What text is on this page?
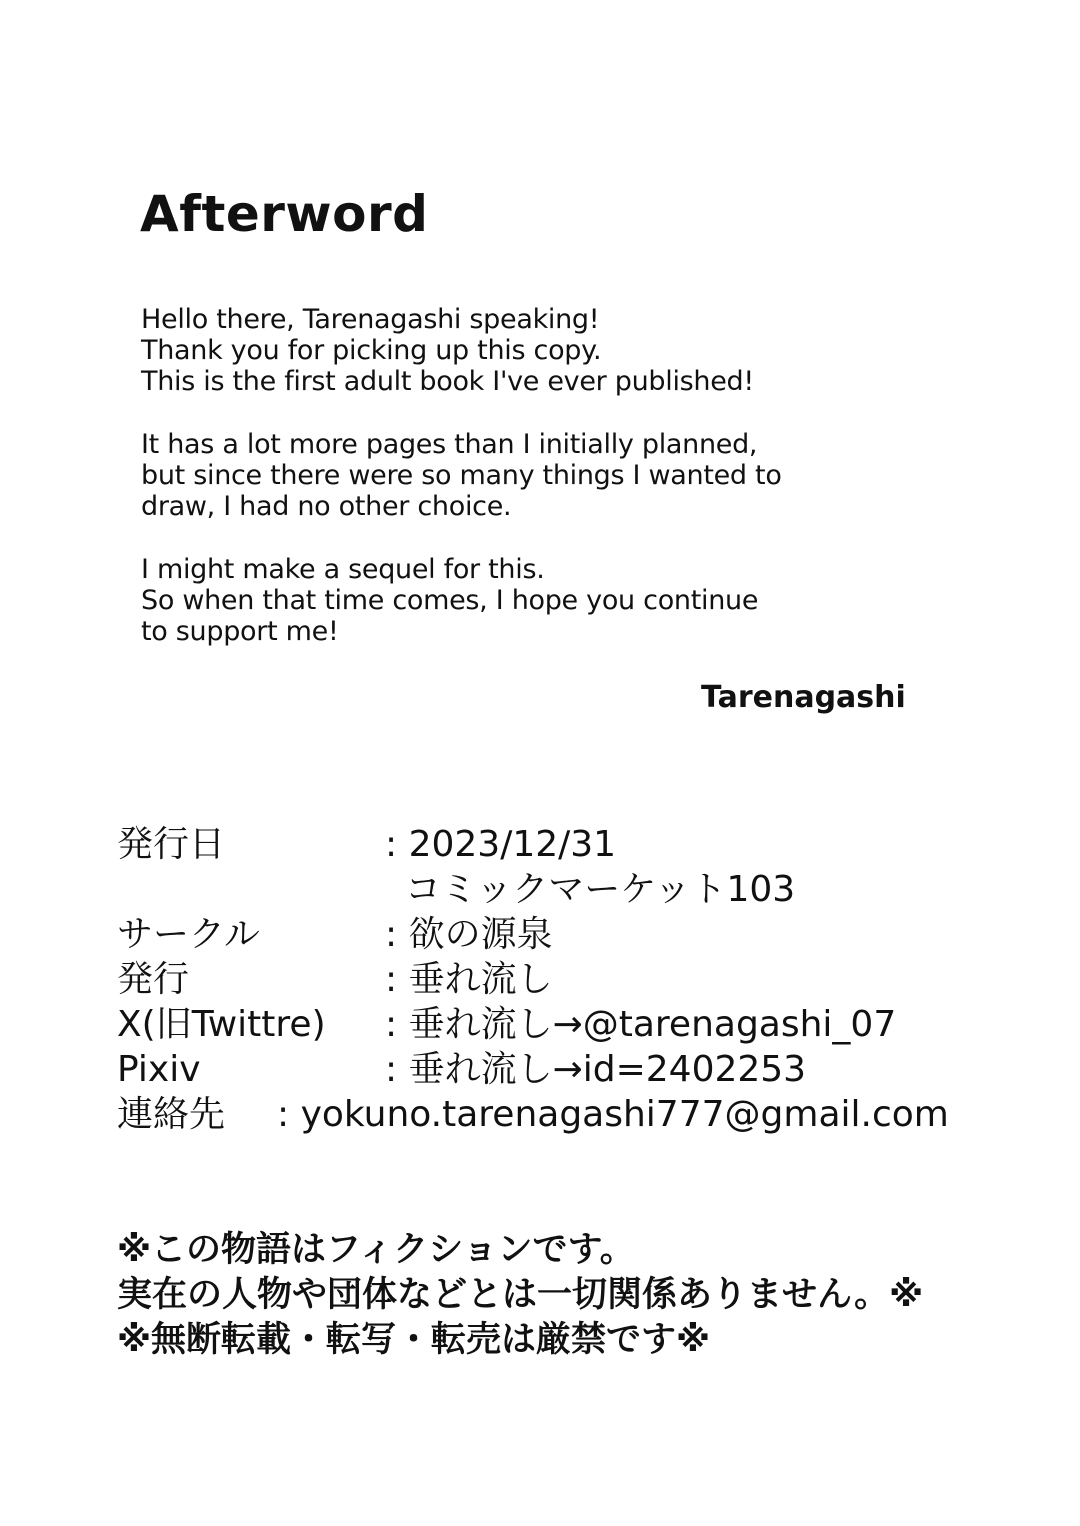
Afterword

Hello there, Tarenagashi speaking!
Thank you for picking up this copy.
This is the first adult book I've ever published!

It has a lot more pages than I initially planned,
but since there were so many things I wanted to
draw, I had no other choice.

I might make a sequel for this.
So when that time comes, I hope you continue
to support me!

Tarenagashi

発行日	: 2023/12/31
コミックマーケット103
サークル	: 欲の源泉
発行	: 垂れ流し
X(旧Twittre) : 垂れ流し→@tarenagashi_07
Pixiv	: 垂れ流し→id=2402253
連絡先 : yokuno.tarenagashi777@gmail.com
※この物語はフィクションです。
実在の人物や団体などとは一切関係ありません。※
※無断転載・転写・転売は厳禁です※
